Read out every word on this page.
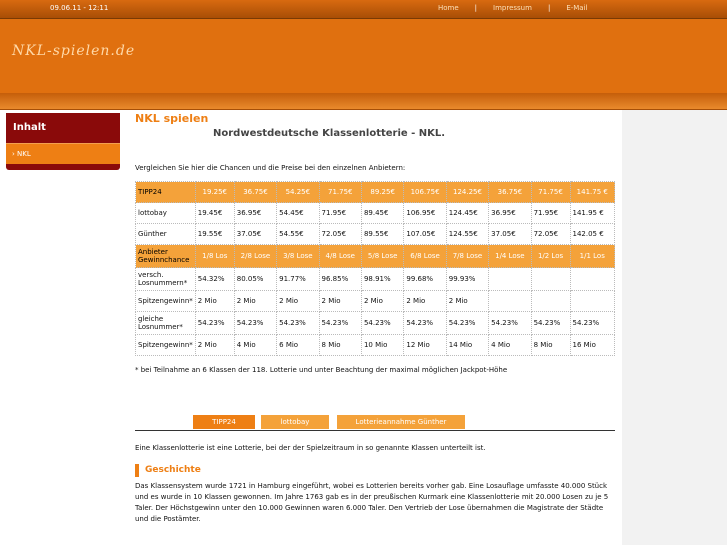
09.06.11 - 12:11	Home | Impressum | E-Mail
NKL-spielen.de
Inhalt
› NKL
NKL spielen
Nordwestdeutsche Klassenlotterie - NKL.
Vergleichen Sie hier die Chancen und die Preise bei den einzelnen Anbietern:
TIPP24	19.25€	36.75€	54.25€	71.75€	89.25€	106.75€	124.25€	36.75€	71.75€	141.75 €
lottobay	19.45€	36.95€	54.45€	71.95€	89.45€	106.95€	124.45€	36.95€	71.95€	141.95 €
Günther	19.55€	37.05€	54.55€	72.05€	89.55€	107.05€	124.55€	37.05€	72.05€	142.05 €
Anbieter Gewinnchance	1/8 Los	2/8 Lose	3/8 Lose	4/8 Lose	5/8 Lose	6/8 Lose	7/8 Lose	1/4 Lose	1/2 Los	1/1 Los
versch. Losnummern*	54.32%	80.05%	91.77%	96.85%	98.91%	99.68%	99.93%			
Spitzengewinn*	2 Mio	2 Mio	2 Mio	2 Mio	2 Mio	2 Mio	2 Mio			
gleiche Losnummer*	54.23%	54.23%	54.23%	54.23%	54.23%	54.23%	54.23%	54.23%	54.23%	54.23%
Spitzengewinn*	2 Mio	4 Mio	6 Mio	8 Mio	10 Mio	12 Mio	14 Mio	4 Mio	8 Mio	16 Mio
* bei Teilnahme an 6 Klassen der 118. Lotterie und unter Beachtung der maximal möglichen Jackpot-Höhe
TIPP24	lottobay	Lotterieannahme Günther
Eine Klassenlotterie ist eine Lotterie, bei der der Spielzeitraum in so genannte Klassen unterteilt ist.
Geschichte
Das Klassensystem wurde 1721 in Hamburg eingeführt, wobei es Lotterien bereits vorher gab. Eine Losauflage umfasste 40.000 Stück und es wurde in 10 Klassen gewonnen. Im Jahre 1763 gab es in der preußischen Kurmark eine Klassenlotterie mit 20.000 Losen zu je 5 Taler. Der Höchstgewinn unter den 10.000 Gewinnen waren 6.000 Taler. Den Vertrieb der Lose übernahmen die Magistrate der Städte und die Postämter.
